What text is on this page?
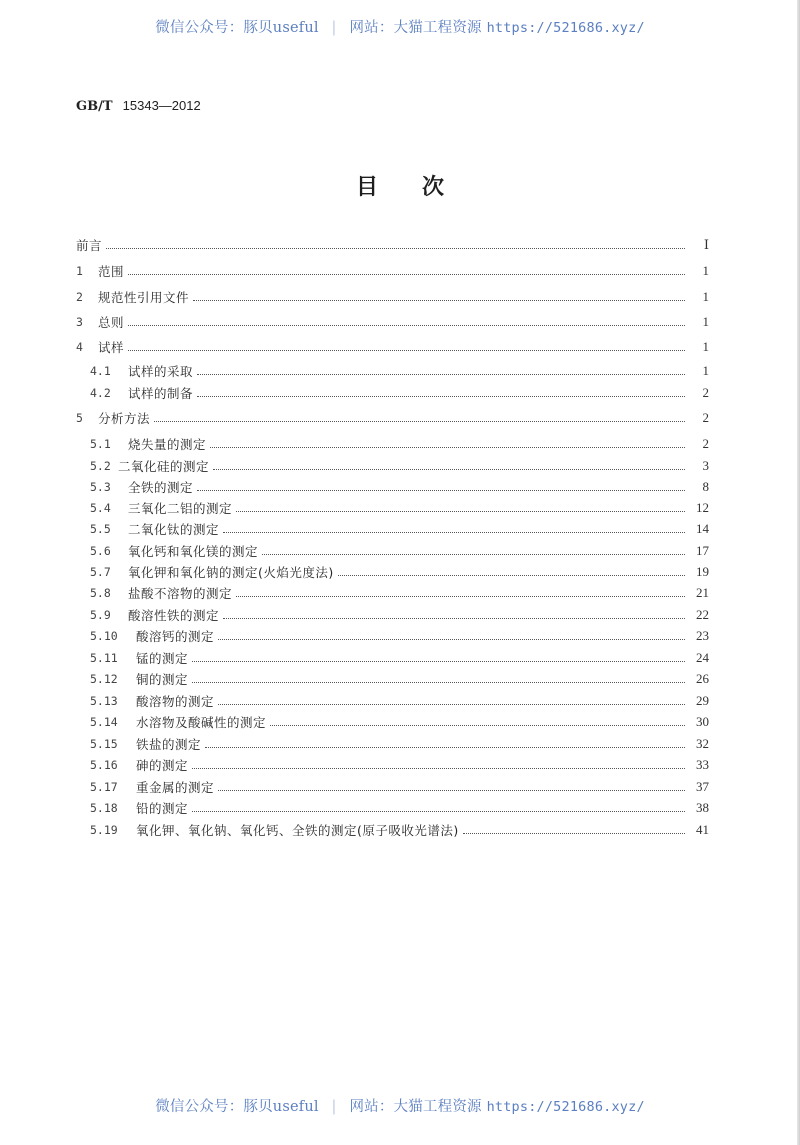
微信公众号：豚贝useful | 网站：大猫工程资源 https://521686.xyz/
GB/T 15343—2012
目 次
前言	Ⅰ
1	范围	1
2	规范性引用文件	1
3	总则	1
4	试样	1
4.1	试样的采取	1
4.2	试样的制备	2
5	分析方法	2
5.1	烧失量的测定	2
5.2 二氧化硅的测定	3
5.3	全铁的测定	8
5.4	三氧化二铝的测定	12
5.5	二氧化钛的测定	14
5.6	氧化钙和氧化镁的测定	17
5.7	氧化钾和氧化钠的测定(火焰光度法)	19
5.8	盐酸不溶物的测定	21
5.9	酸溶性铁的测定	22
5.10	酸溶钙的测定	23
5.11	锰的测定	24
5.12	铜的测定	26
5.13	酸溶物的测定	29
5.14	水溶物及酸碱性的测定	30
5.15	铁盐的测定	32
5.16	砷的测定	33
5.17	重金属的测定	37
5.18	铅的测定	38
5.19	氧化钾、氧化钠、氧化钙、全铁的测定(原子吸收光谱法)	41
微信公众号：豚贝useful | 网站：大猫工程资源 https://521686.xyz/
